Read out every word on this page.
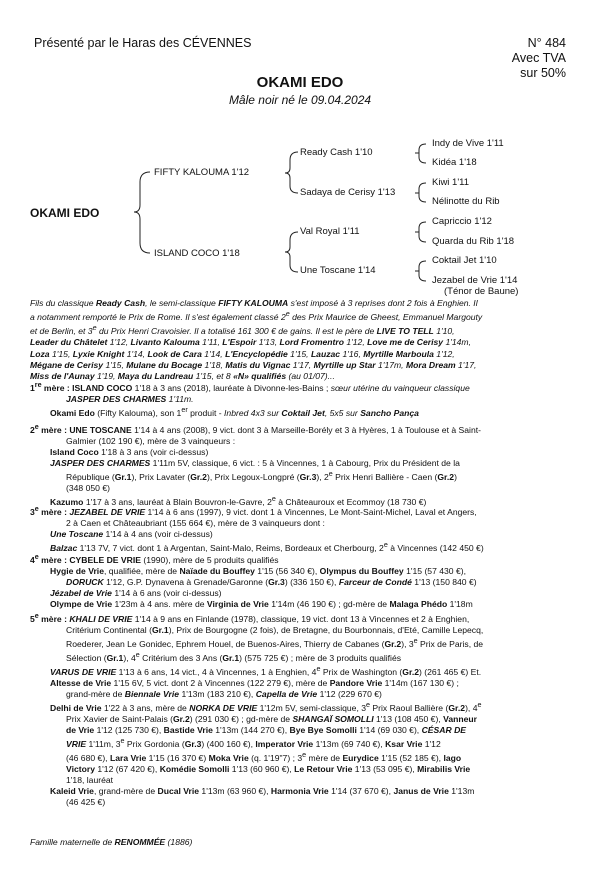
Présenté par le Haras des CÉVENNES	N° 484
Avec TVA
sur 50%
OKAMI EDO
Mâle noir né le 09.04.2024
OKAMI EDO
FIFTY KALOUMA 1'12
ISLAND COCO 1'18
Ready Cash 1'10
Sadaya de Cerisy 1'13
Val Royal 1'11
Une Toscane 1'14
Indy de Vive 1'11
Kidéa 1'18
Kiwi 1'11
Nélinotte du Rib
Capriccio 1'12
Quarda du Rib 1'18
Coktail Jet 1'10
Jezabel de Vrie 1'14
(Ténor de Baune)
Fils du classique Ready Cash, le semi-classique FIFTY KALOUMA s'est imposé à 3 reprises dont 2 fois à Enghien. Il
a notamment remporté le Prix de Rome. Il s'est également classé 2e des Prix Maurice de Gheest, Emmanuel Margouty
et de Berlin, et 3e du Prix Henri Cravoisier. Il a totalisé 161 300 € de gains. Il est le père de LIVE TO TELL 1'10,
Leader du Châtelet 1'12, Livanto Kalouma 1'11, L'Espoir 1'13, Lord Fromentro 1'12, Love me de Cerisy 1'14m,
Loza 1'15, Lyxie Knight 1'14, Look de Cara 1'14, L'Encyclopédie 1'15, Lauzac 1'16, Myrtille Marboula 1'12,
Mégane de Cerisy 1'15, Mulane du Bocage 1'18, Matis du Vignac 1'17, Myrtille up Star 1'17m, Mora Dream 1'17,
Miss de l'Aunay 1'19, Maya du Landreau 1'15, et 8 «N» qualifiés (au 01/07)...
1re mère : ISLAND COCO 1'18 à 3 ans (2018), lauréate à Divonne-les-Bains ; sœur utérine du vainqueur classique
JASPER DES CHARMES 1'11m.
Okami Edo (Fifty Kalouma), son 1er produit - Inbred 4x3 sur Coktail Jet, 5x5 sur Sancho Pança
2e mère : UNE TOSCANE 1'14 à 4 ans (2008), 9 vict. dont 3 à Marseille-Borély et 3 à Hyères, 1 à Toulouse et à Saint-
Galmier (102 190 €), mère de 3 vainqueurs :
Island Coco 1'18 à 3 ans (voir ci-dessus)
JASPER DES CHARMES 1'11m 5V, classique, 6 vict. : 5 à Vincennes, 1 à Cabourg, Prix du Président de la
République (Gr.1), Prix Lavater (Gr.2), Prix Legoux-Longpré (Gr.3), 2e Prix Henri Ballière - Caen (Gr.2)
(348 050 €)
Kazumo 1'17 à 3 ans, lauréat à Blain Bouvron-le-Gavre, 2e à Châteauroux et Ecommoy (18 730 €)
3e mère : JEZABEL DE VRIE 1'14 à 6 ans (1997), 9 vict. dont 1 à Vincennes, Le Mont-Saint-Michel, Laval et Angers,
2 à Caen et Châteaubriant (155 664 €), mère de 3 vainqueurs dont :
Une Toscane 1'14 à 4 ans (voir ci-dessus)
Balzac 1'13 7V, 7 vict. dont 1 à Argentan, Saint-Malo, Reims, Bordeaux et Cherbourg, 2e à Vincennes (142 450 €)
4e mère : CYBELE DE VRIE (1990), mère de 5 produits qualifiés
Hygie de Vrie, qualifiée, mère de Naïade du Bouffey 1'15 (56 340 €), Olympus du Bouffey 1'15 (57 430 €),
DORUCK 1'12, G.P. Dynavena à Grenade/Garonne (Gr.3) (336 150 €), Farceur de Condé 1'13 (150 840 €)
Jézabel de Vrie 1'14 à 6 ans (voir ci-dessus)
Olympe de Vrie 1'23m à 4 ans. mère de Virginia de Vrie 1'14m (46 190 €) ; gd-mère de Malaga Phédo 1'18m
5e mère : KHALI DE VRIE 1'14 à 9 ans en Finlande (1978), classique, 19 vict. dont 13 à Vincennes et 2 à Enghien,
Critérium Continental (Gr.1), Prix de Bourgogne (2 fois), de Bretagne, du Bourbonnais, d'Eté, Camille Lepecq,
Roederer, Jean Le Gonidec, Ephrem Houel, de Buenos-Aires, Thierry de Cabanes (Gr.2), 3e Prix de Paris, de
Sélection (Gr.1), 4e Critérium des 3 Ans (Gr.1) (575 725 €) ; mère de 3 produits qualifiés
VARUS DE VRIE 1'13 à 6 ans, 14 vict., 4 à Vincennes, 1 à Enghien, 4e Prix de Washington (Gr.2) (261 465 €) Et.
Altesse de Vrie 1'15 6V, 5 vict. dont 2 à Vincennes (122 279 €), mère de Pandore Vrie 1'14m (167 130 €) ;
grand-mère de Biennale Vrie 1'13m (183 210 €), Capella de Vrie 1'12 (229 670 €)
Delhi de Vrie 1'22 à 3 ans, mère de NORKA DE VRIE 1'12m 5V, semi-classique, 3e Prix Raoul Ballière (Gr.2), 4e
Prix Xavier de Saint-Palais (Gr.2) (291 030 €) ; gd-mère de SHANGAÏ SOMOLLI 1'13 (108 450 €), Vanneur
de Vrie 1'12 (125 730 €), Bastide Vrie 1'13m (144 270 €), Bye Bye Somolli 1'14 (69 030 €), CÉSAR DE
VRIE 1'11m, 3e Prix Gordonia (Gr.3) (400 160 €), Imperator Vrie 1'13m (69 740 €), Ksar Vrie 1'12
(46 680 €), Lara Vrie 1'15 (16 370 €) Moka Vrie (q. 1'19"7) ; 3e mère de Eurydice 1'15 (52 185 €), Iago
Victory 1'12 (67 420 €), Komédie Somolli 1'13 (60 960 €), Le Retour Vrie 1'13 (53 095 €), Mirabilis Vrie
1'18, lauréat
Kaleid Vrie, grand-mère de Ducal Vrie 1'13m (63 960 €), Harmonia Vrie 1'14 (37 670 €), Janus de Vrie 1'13m
(46 425 €)
Famille maternelle de RENOMMÉE (1886)
